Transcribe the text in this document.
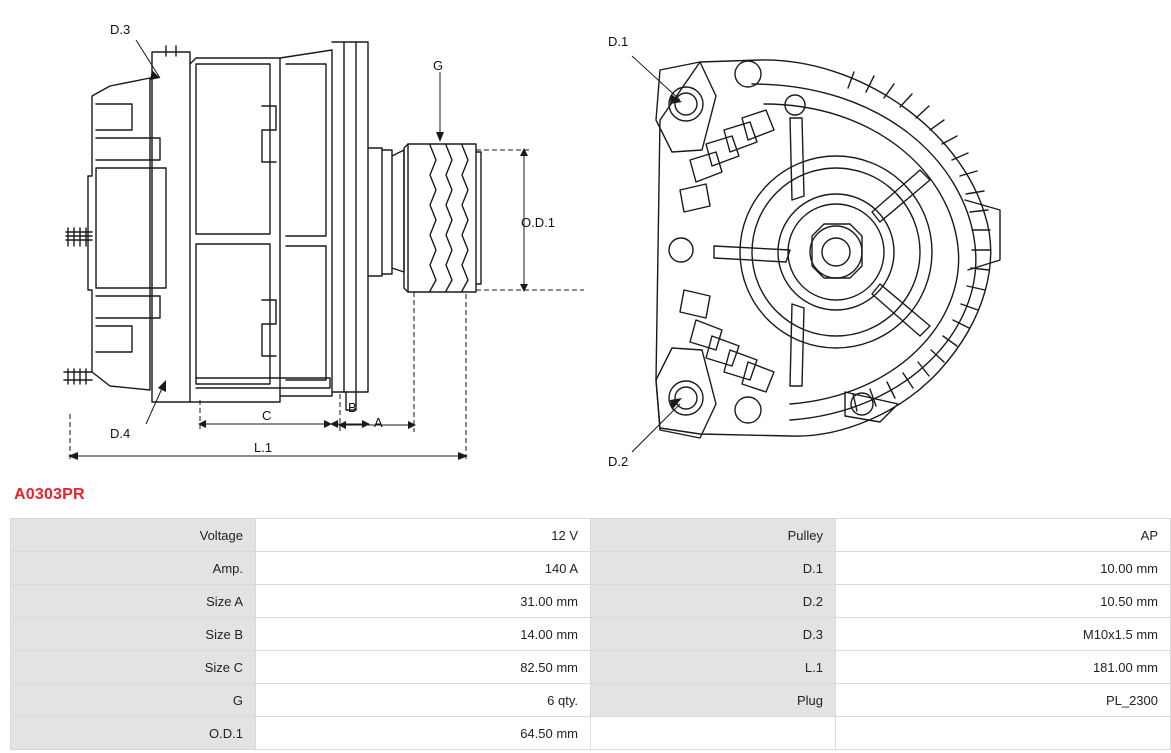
D.3
G
O.D.1
D.4
C
B
A
L.1
D.1
D.2
A0303PR
Voltage	12 V	Pulley	AP
Amp.	140 A	D.1	10.00 mm
Size A	31.00 mm	D.2	10.50 mm
Size B	14.00 mm	D.3	M10x1.5 mm
Size C	82.50 mm	L.1	181.00 mm
G	6 qty.	Plug	PL_2300
O.D.1	64.50 mm		
